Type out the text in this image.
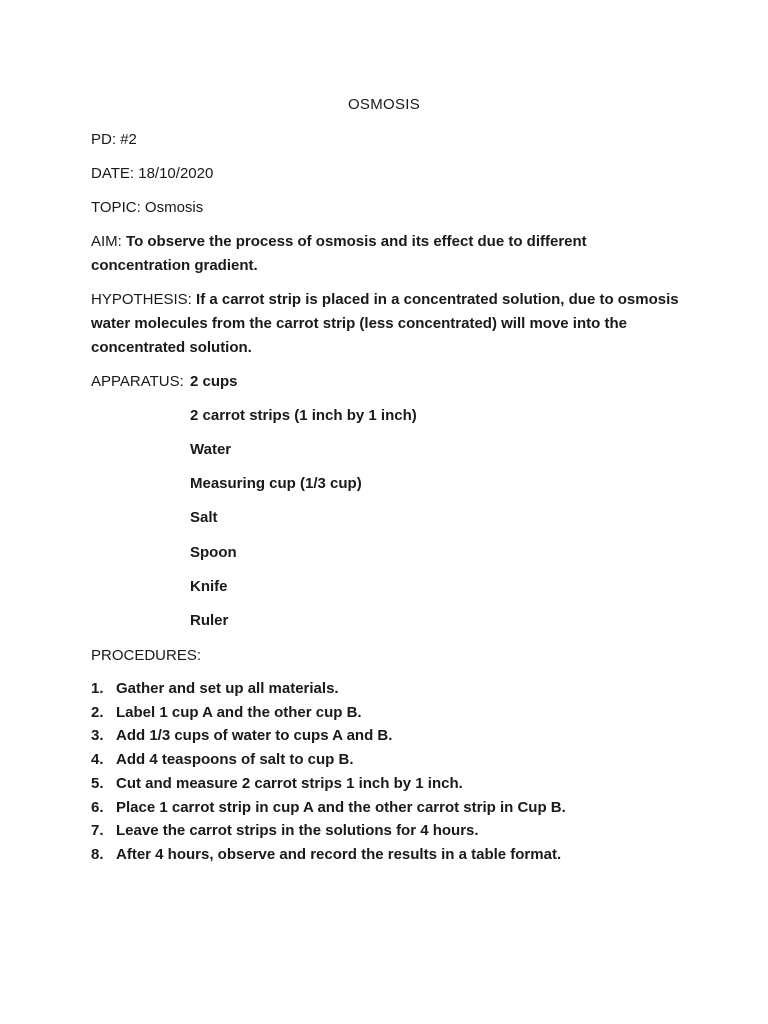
OSMOSIS
PD: #2
DATE: 18/10/2020
TOPIC: Osmosis
AIM: To observe the process of osmosis and its effect due to different concentration gradient.
HYPOTHESIS: If a carrot strip is placed in a concentrated solution, due to osmosis water molecules from the carrot strip (less concentrated) will move into the concentrated solution.
APPARATUS: 2 cups
2 carrot strips (1 inch by 1 inch)
Water
Measuring cup (1/3 cup)
Salt
Spoon
Knife
Ruler
PROCEDURES:
1. Gather and set up all materials.
2. Label 1 cup A and the other cup B.
3. Add 1/3 cups of water to cups A and B.
4. Add 4 teaspoons of salt to cup B.
5. Cut and measure 2 carrot strips 1 inch by 1 inch.
6. Place 1 carrot strip in cup A and the other carrot strip in Cup B.
7. Leave the carrot strips in the solutions for 4 hours.
8. After 4 hours, observe and record the results in a table format.
